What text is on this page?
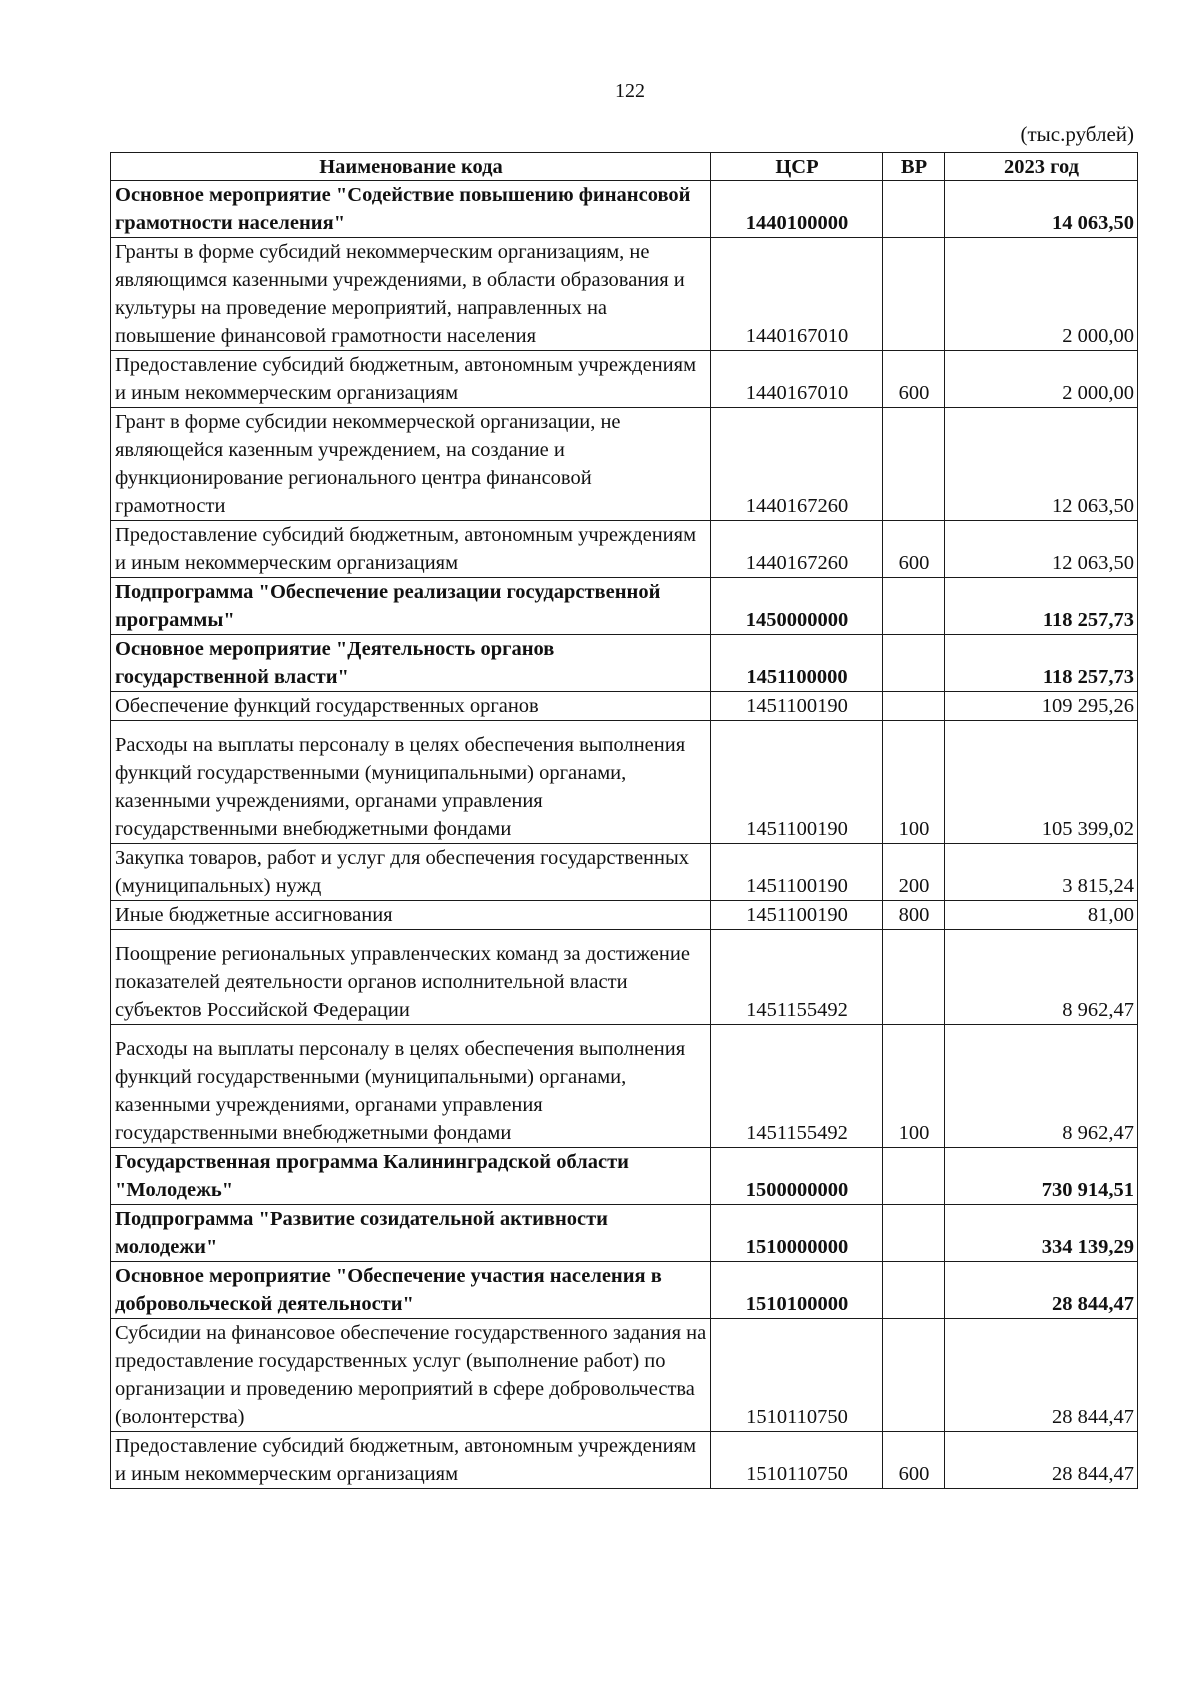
122
(тыс.рублей)
Наименование кода	ЦСР	ВР	2023 год
Основное мероприятие "Содействие повышению финансовой грамотности населения"	1440100000		14 063,50
Гранты в форме субсидий некоммерческим организациям, не являющимся казенными учреждениями, в области образования и культуры на проведение мероприятий, направленных на повышение финансовой грамотности населения	1440167010		2 000,00
Предоставление субсидий бюджетным, автономным учреждениям и иным некоммерческим организациям	1440167010	600	2 000,00
Грант в форме субсидии некоммерческой организации, не являющейся казенным учреждением, на создание и функционирование регионального центра финансовой грамотности	1440167260		12 063,50
Предоставление субсидий бюджетным, автономным учреждениям и иным некоммерческим организациям	1440167260	600	12 063,50
Подпрограмма "Обеспечение реализации государственной программы"	1450000000		118 257,73
Основное мероприятие "Деятельность органов государственной власти"	1451100000		118 257,73
Обеспечение функций государственных органов	1451100190		109 295,26
Расходы на выплаты персоналу в целях обеспечения выполнения функций государственными (муниципальными) органами, казенными учреждениями, органами управления государственными внебюджетными фондами	1451100190	100	105 399,02
Закупка товаров, работ и услуг для обеспечения государственных (муниципальных) нужд	1451100190	200	3 815,24
Иные бюджетные ассигнования	1451100190	800	81,00
Поощрение региональных управленческих команд за достижение показателей деятельности органов исполнительной власти субъектов Российской Федерации	1451155492		8 962,47
Расходы на выплаты персоналу в целях обеспечения выполнения функций государственными (муниципальными) органами, казенными учреждениями, органами управления государственными внебюджетными фондами	1451155492	100	8 962,47
Государственная программа Калининградской области "Молодежь"	1500000000		730 914,51
Подпрограмма "Развитие созидательной активности молодежи"	1510000000		334 139,29
Основное мероприятие "Обеспечение участия населения в добровольческой деятельности"	1510100000		28 844,47
Субсидии на финансовое обеспечение государственного задания на предоставление государственных услуг (выполнение работ) по организации и проведению мероприятий в сфере добровольчества (волонтерства)	1510110750		28 844,47
Предоставление субсидий бюджетным, автономным учреждениям и иным некоммерческим организациям	1510110750	600	28 844,47
